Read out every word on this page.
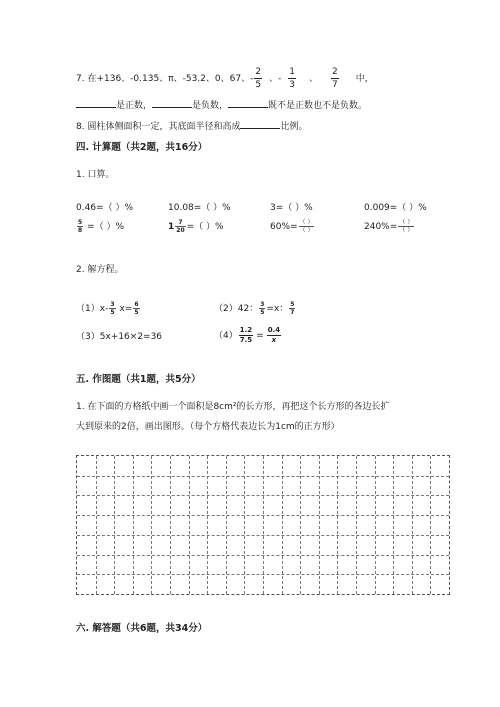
7. 在+136、-0.135、π、-53.2、0、67、- $\frac{2}{5}$ 、- $\frac{1}{3}$ 、 $\frac{2}{7}$ 中，
是正数，	是负数，	既不是正数也不是负数。
8. 圆柱体侧面积一定，其底面半径和高成	比例。
四. 计算题（共2题，共16分）
1. 口算。
0.46=（ ）%	10.08=（ ）%	3=（ ）%	0.009=（ ）%
$\frac{5}{8}$ =（ ）%	$1 \frac{7}{20}$ =（ ）%	$60\%= \frac{( )}{( )}$	$240\%= \frac{( )}{( )}$
2. 解方程。
$(1)x- \frac{3}{5} x= \frac{6}{5}$	（2）42： $\frac{3}{5} =x$： $\frac{5}{7}$
（3）5x+16×2=36	$(4) \frac{1.2}{7.5} = \frac{0.4}{x}$
五. 作图题（共1题，共5分）
1. 在下面的方格纸中画一个面积是8cm²的长方形，再把这个长方形的各边长扩
大到原来的2倍，画出图形。（每个方格代表边长为1cm的正方形）
六. 解答题（共6题，共34分）
